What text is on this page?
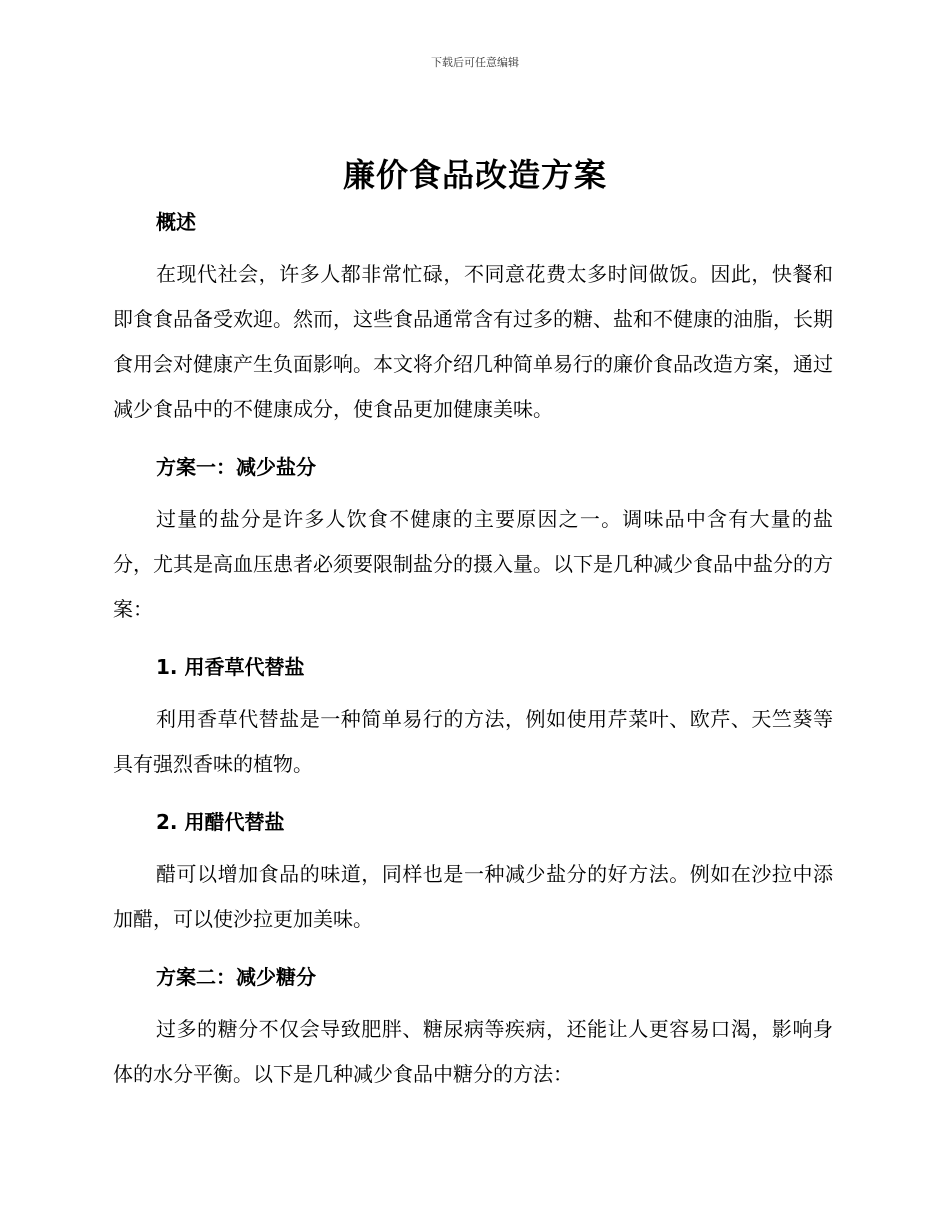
下载后可任意编辑
廉价食品改造方案
概述

在现代社会，许多人都非常忙碌，不同意花费太多时间做饭。因此，快餐和即食食品备受欢迎。然而，这些食品通常含有过多的糖、盐和不健康的油脂，长期食用会对健康产生负面影响。本文将介绍几种简单易行的廉价食品改造方案，通过减少食品中的不健康成分，使食品更加健康美味。

方案一：减少盐分

过量的盐分是许多人饮食不健康的主要原因之一。调味品中含有大量的盐分，尤其是高血压患者必须要限制盐分的摄入量。以下是几种减少食品中盐分的方案：

1. 用香草代替盐

利用香草代替盐是一种简单易行的方法，例如使用芹菜叶、欧芹、天竺葵等具有强烈香味的植物。

2. 用醋代替盐

醋可以增加食品的味道，同样也是一种减少盐分的好方法。例如在沙拉中添加醋，可以使沙拉更加美味。

方案二：减少糖分

过多的糖分不仅会导致肥胖、糖尿病等疾病，还能让人更容易口渴，影响身体的水分平衡。以下是几种减少食品中糖分的方法：
